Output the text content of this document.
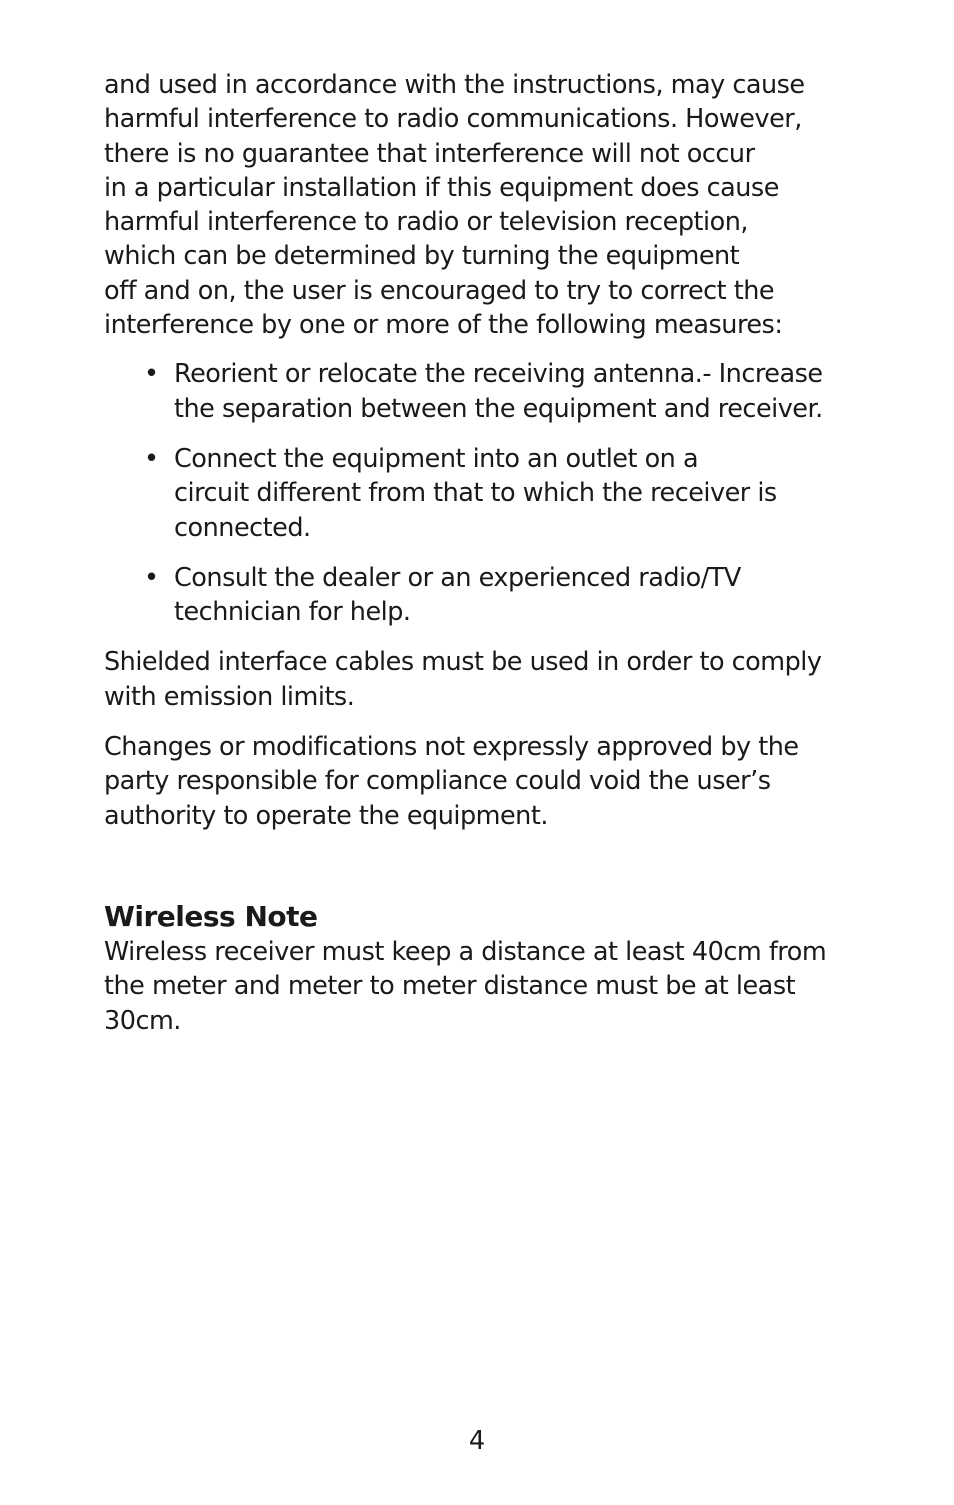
and used in accordance with the instructions, may cause
harmful interference to radio communications. However,
there is no guarantee that interference will not occur
in a particular installation if this equipment does cause
harmful interference to radio or television reception,
which can be determined by turning the equipment
off and on, the user is encouraged to try to correct the
interference by one or more of the following measures:

• Reorient or relocate the receiving antenna.- Increase
the separation between the equipment and receiver.
• Connect the equipment into an outlet on a
circuit different from that to which the receiver is
connected.
• Consult the dealer or an experienced radio/TV
technician for help.

Shielded interface cables must be used in order to comply
with emission limits.

Changes or modifications not expressly approved by the
party responsible for compliance could void the user’s
authority to operate the equipment.

Wireless Note

Wireless receiver must keep a distance at least 40cm from
the meter and meter to meter distance must be at least
30cm.

4
